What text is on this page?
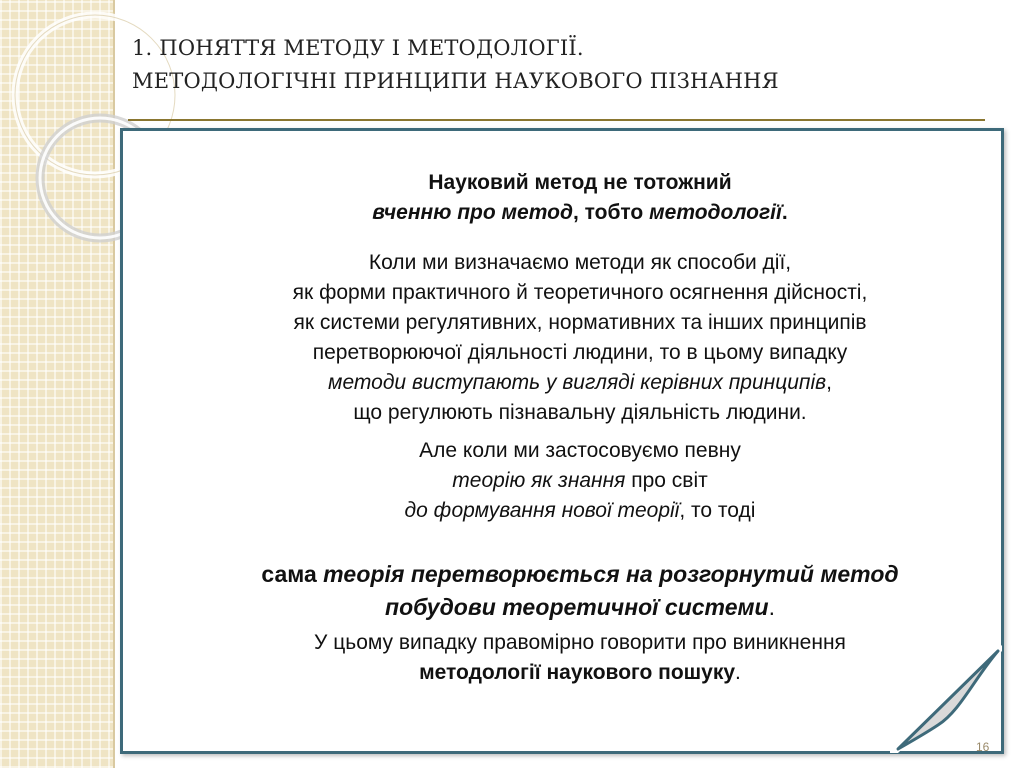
1. ПОНЯТТЯ МЕТОДУ І МЕТОДОЛОГІЇ.
МЕТОДОЛОГІЧНІ ПРИНЦИПИ НАУКОВОГО ПІЗНАННЯ

Науковий метод не тотожний
вченню про метод, тобто методології.

Коли ми визначаємо методи як способи дії,
як форми практичного й теоретичного осягнення дійсності,
як системи регулятивних, нормативних та інших принципів
перетворюючої діяльності людини, то в цьому випадку
методи виступають у вигляді керівних принципів,
що регулюють пізнавальну діяльність людини.

Але коли ми застосовуємо певну
теорію як знання про світ
до формування нової теорії, то тоді

сама теорія перетворюється на розгорнутий метод
побудови теоретичної системи.

У цьому випадку правомірно говорити про виникнення
методології наукового пошуку.

16
